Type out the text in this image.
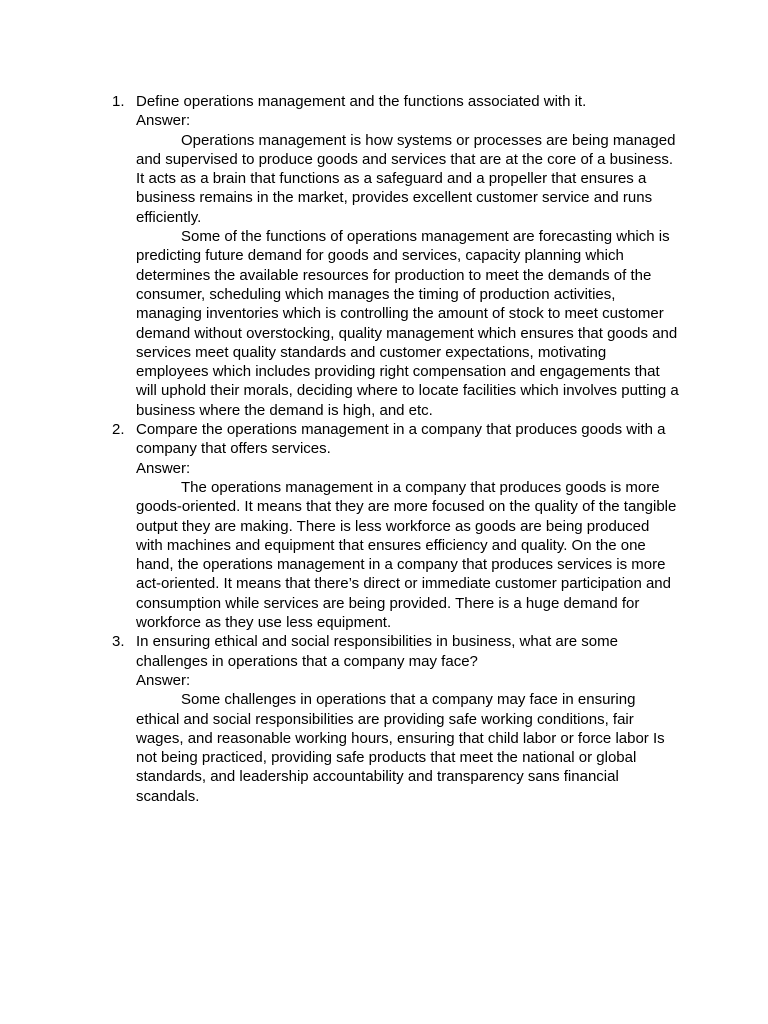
1. Define operations management and the functions associated with it.
Answer:

Operations management is how systems or processes are being managed and supervised to produce goods and services that are at the core of a business. It acts as a brain that functions as a safeguard and a propeller that ensures a business remains in the market, provides excellent customer service and runs efficiently.

Some of the functions of operations management are forecasting which is predicting future demand for goods and services, capacity planning which determines the available resources for production to meet the demands of the consumer, scheduling which manages the timing of production activities, managing inventories which is controlling the amount of stock to meet customer demand without overstocking, quality management which ensures that goods and services meet quality standards and customer expectations, motivating employees which includes providing right compensation and engagements that will uphold their morals, deciding where to locate facilities which involves putting a business where the demand is high, and etc.

2. Compare the operations management in a company that produces goods with a company that offers services.
Answer:

The operations management in a company that produces goods is more goods-oriented. It means that they are more focused on the quality of the tangible output they are making. There is less workforce as goods are being produced with machines and equipment that ensures efficiency and quality. On the one hand, the operations management in a company that produces services is more act-oriented. It means that there’s direct or immediate customer participation and consumption while services are being provided. There is a huge demand for workforce as they use less equipment.

3. In ensuring ethical and social responsibilities in business, what are some challenges in operations that a company may face?
Answer:

Some challenges in operations that a company may face in ensuring ethical and social responsibilities are providing safe working conditions, fair wages, and reasonable working hours, ensuring that child labor or force labor Is not being practiced, providing safe products that meet the national or global standards, and leadership accountability and transparency sans financial scandals.
